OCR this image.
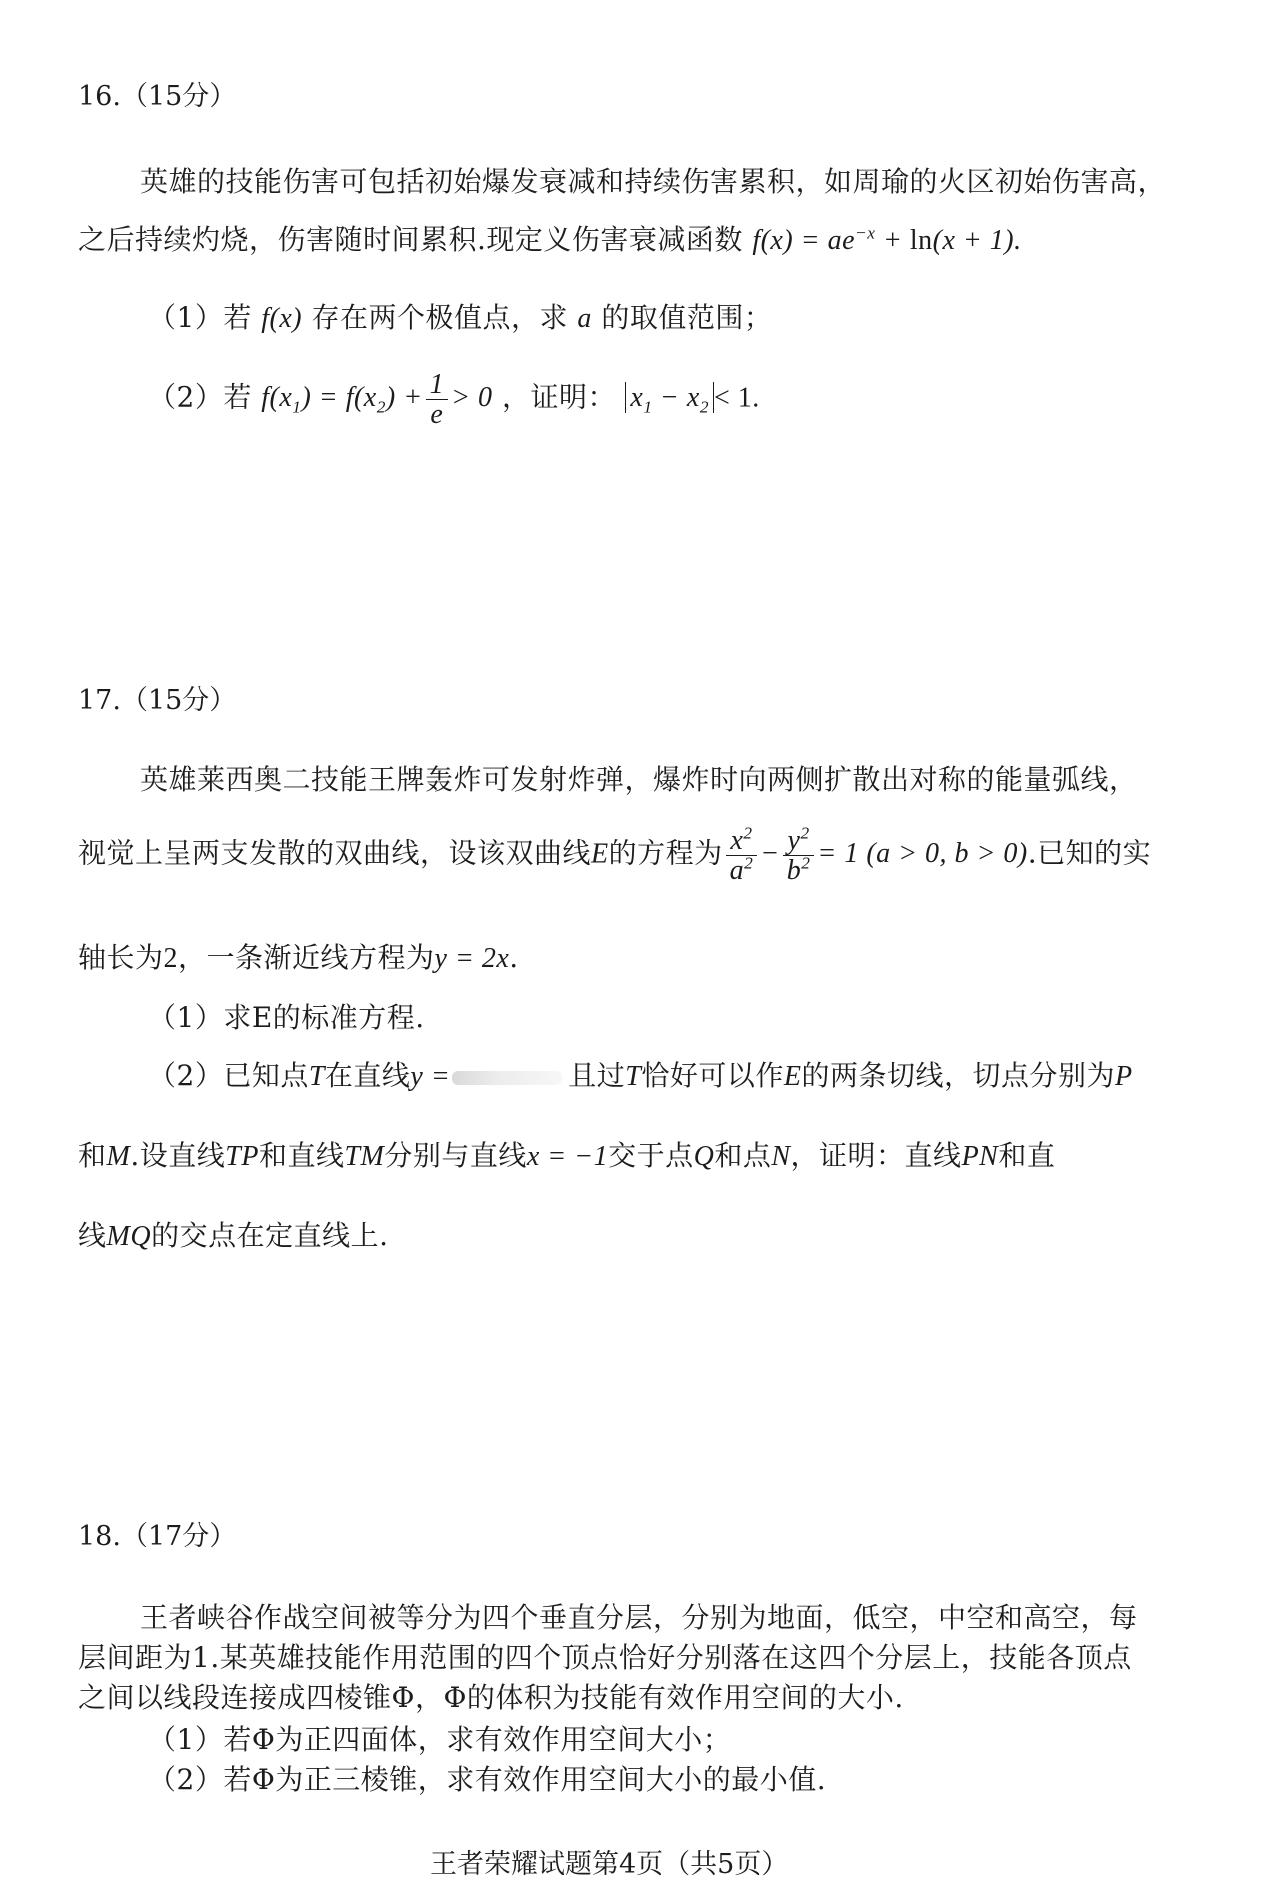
16.（15分）
英雄的技能伤害可包括初始爆发衰减和持续伤害累积，如周瑜的火区初始伤害高，
之后持续灼烧，伤害随时间累积.现定义伤害衰减函数 $f(x) = ae^{-x} + \ln(x + 1)$.
（1）若 f(x) 存在两个极值点，求 a 的取值范围；
（2）若 $f(x_1) = f(x_2) + \frac{1}{e} > 0$ ，证明： $x_1 - x_2 < 1$.
17.（15分）
英雄莱西奥二技能王牌轰炸可发射炸弹，爆炸时向两侧扩散出对称的能量弧线，
视觉上呈两支发散的双曲线，设该双曲线E的方程为 $\frac{x^2}{a^2} - \frac{y^2}{b^2} = 1$ (a > 0, b > 0).已知的实
轴长为2，一条渐近线方程为y = 2x.
（1）求E的标准方程.
（2）已知点T在直线y =	且过T恰好可以作E的两条切线，切点分别为P
和M.设直线TP和直线TM分别与直线x = −1交于点Q和点N，证明：直线PN和直
线MQ的交点在定直线上.
18.（17分）
王者峡谷作战空间被等分为四个垂直分层，分别为地面，低空，中空和高空，每
层间距为1.某英雄技能作用范围的四个顶点恰好分别落在这四个分层上，技能各顶点
之间以线段连接成四棱锥Φ，Φ的体积为技能有效作用空间的大小.
（1）若Φ为正四面体，求有效作用空间大小；
（2）若Φ为正三棱锥，求有效作用空间大小的最小值.
王者荣耀试题第4页（共5页）
